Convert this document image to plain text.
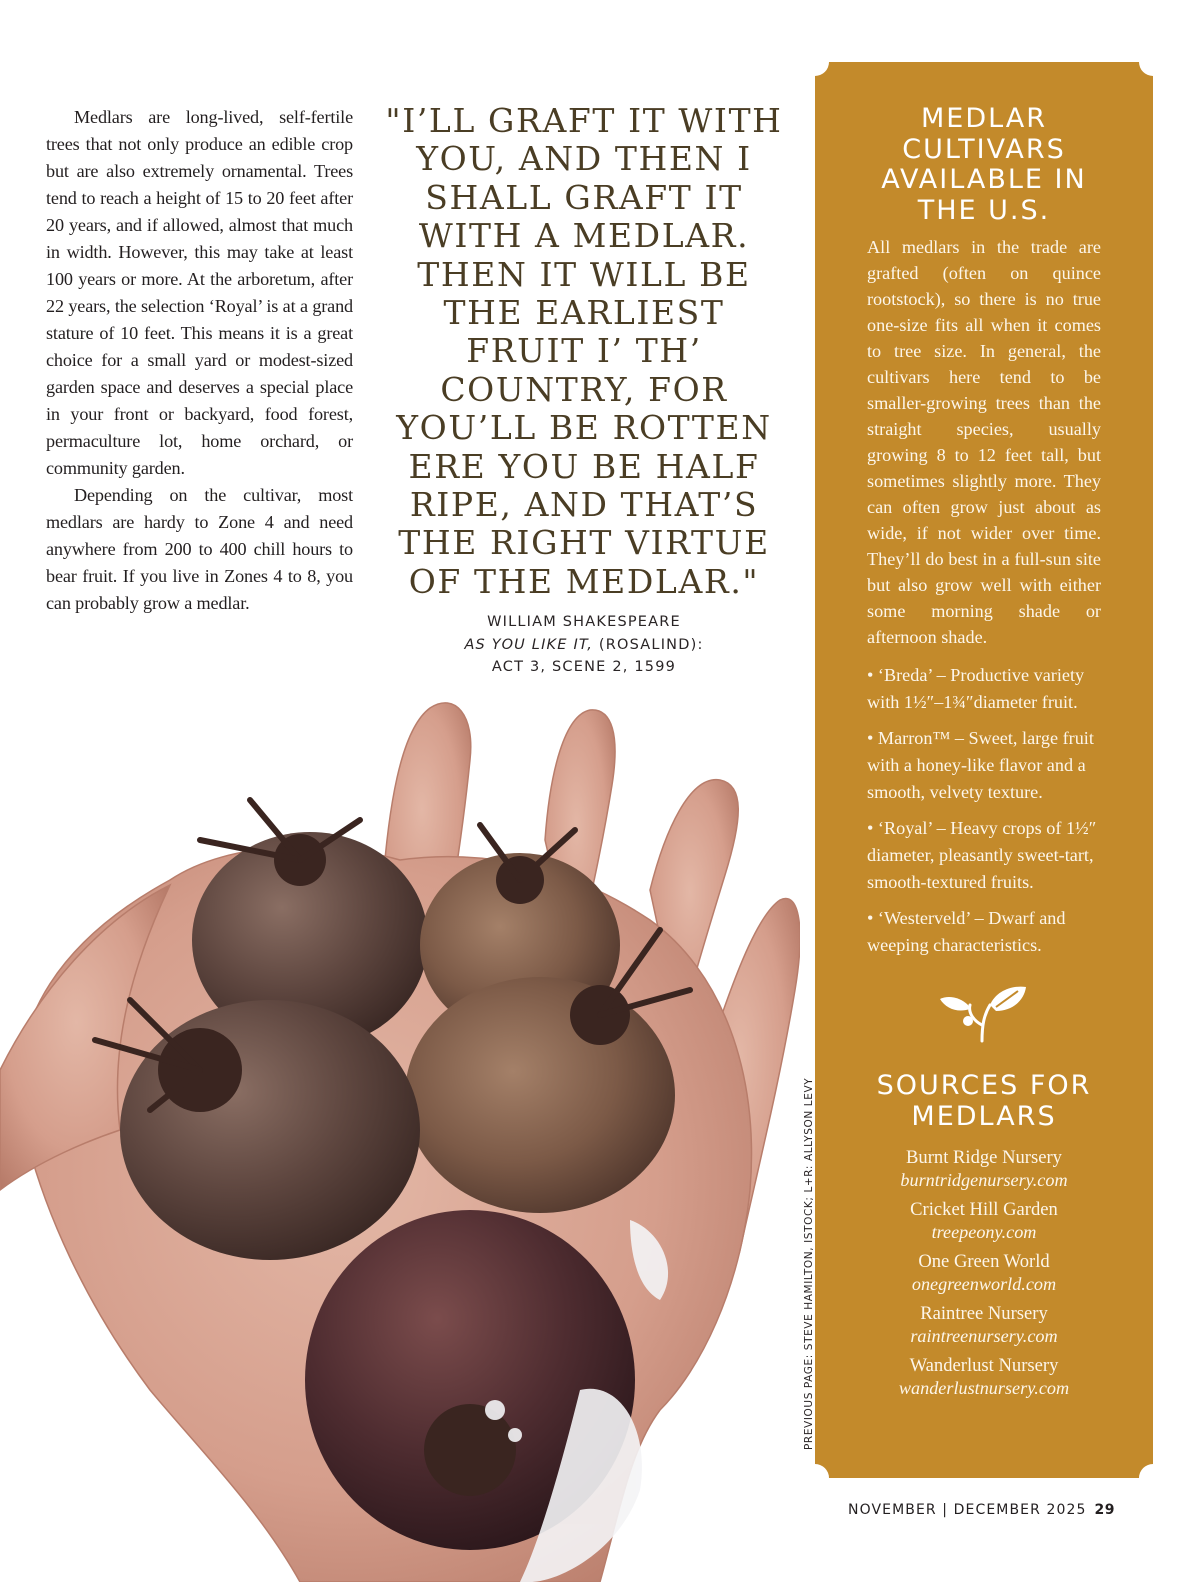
Medlars are long-lived, self-fertile trees that not only produce an edible crop but are also extremely ornamental. Trees tend to reach a height of 15 to 20 feet after 20 years, and if allowed, almost that much in width. However, this may take at least 100 years or more. At the arboretum, after 22 years, the selection ‘Royal’ is at a grand stature of 10 feet. This means it is a great choice for a small yard or modest-sized garden space and deserves a special place in your front or backyard, food forest, permaculture lot, home orchard, or community garden.

Depending on the cultivar, most medlars are hardy to Zone 4 and need anywhere from 200 to 400 chill hours to bear fruit. If you live in Zones 4 to 8, you can probably grow a medlar.

"I’LL GRAFT IT WITH YOU, AND THEN I SHALL GRAFT IT WITH A MEDLAR. THEN IT WILL BE THE EARLIEST FRUIT I’ TH’ COUNTRY, FOR YOU’LL BE ROTTEN ERE YOU BE HALF RIPE, AND THAT’S THE RIGHT VIRTUE OF THE MEDLAR."

WILLIAM SHAKESPEARE
AS YOU LIKE IT, (ROSALIND):
ACT 3, SCENE 2, 1599
PREVIOUS PAGE: STEVE HAMILTON, ISTOCK; L+R: ALLYSON LEVY
MEDLAR CULTIVARS AVAILABLE IN THE U.S.

All medlars in the trade are grafted (often on quince rootstock), so there is no true one-size fits all when it comes to tree size. In general, the cultivars here tend to be smaller-growing trees than the straight species, usually growing 8 to 12 feet tall, but sometimes slightly more. They can often grow just about as wide, if not wider over time. They’ll do best in a full-sun site but also grow well with either some morning shade or afternoon shade.

• ‘Breda’ – Productive variety with 1½″–1¾″diameter fruit.
• Marron™ – Sweet, large fruit with a honey-like flavor and a smooth, velvety texture.
• ‘Royal’ – Heavy crops of 1½″ diameter, pleasantly sweet-tart, smooth-textured fruits.
• ‘Westerveld’ – Dwarf and weeping characteristics.
SOURCES FOR MEDLARS
Burnt Ridge Nursery
burntridgenursery.com
Cricket Hill Garden
treepeony.com
One Green World
onegreenworld.com
Raintree Nursery
raintreenursery.com
Wanderlust Nursery
wanderlustnursery.com
NOVEMBER | DECEMBER 2025 29
